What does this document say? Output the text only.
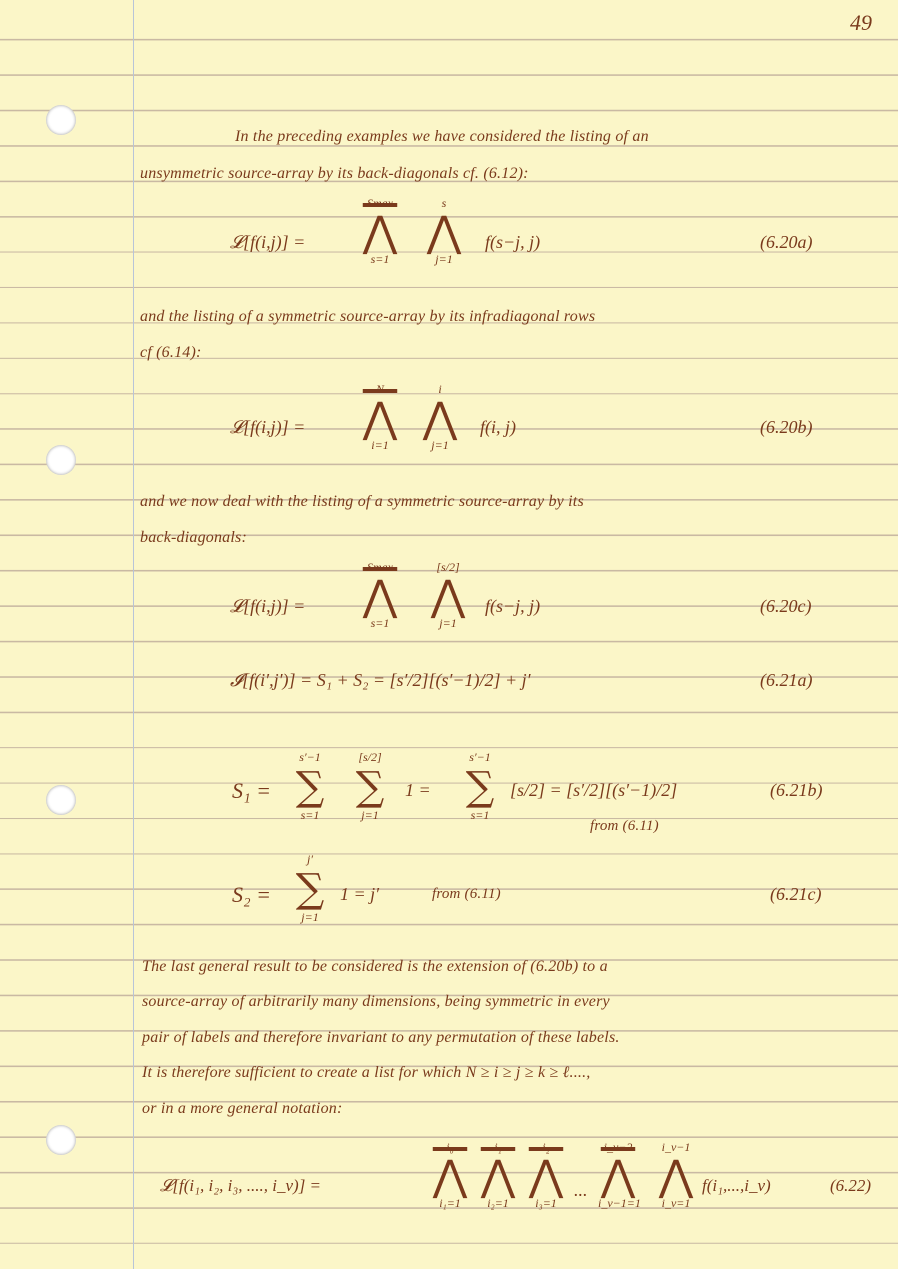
49
In the preceding examples we have considered the listing of an
unsymmetric source-array by its back-diagonals cf. (6.12):
𝓛[f(i,j)] =
Smax
⋀
s=1
s
⋀
j=1
f(s−j, j)	(6.20a)
and the listing of a symmetric source-array by its infradiagonal rows
cf (6.14):
𝓛[f(i,j)] =
N
⋀
i=1
i
⋀
j=1
f(i, j)	(6.20b)
and we now deal with the listing of a symmetric source-array by its
back-diagonals:
𝓛[f(i,j)] =
Smax
⋀
s=1
[s/2]
⋀
j=1
f(s−j, j)	(6.20c)
𝓘[f(i′,j′)] = S₁ + S₂ = [s′/2][(s′−1)/2] + j′	(6.21a)
S₁ =
s′−1
∑
s=1
[s/2]
∑
j=1
1 =
s′−1
∑
s=1
[s/2] = [s′/2][(s′−1)/2]
from (6.11)
(6.21b)
S₂ =
j′
∑
j=1
1 = j′	from (6.11)	(6.21c)
The last general result to be considered is the extension of (6.20b) to a
source-array of arbitrarily many dimensions, being symmetric in every
pair of labels and therefore invariant to any permutation of these labels.
It is therefore sufficient to create a list for which N ≥ i ≥ j ≥ k ≥ ℓ....,
or in a more general notation:
𝓛[f(i₁, i₂, i₃, ...., i_ν)] =
i₀
⋀
i₁=1
i₁
⋀
i₂=1
i₂
⋀
i₃=1
...
i_ν−2
⋀
i_ν−1=1
i_ν−1
⋀
i_ν=1
f(i₁,...,i_ν)	(6.22)
